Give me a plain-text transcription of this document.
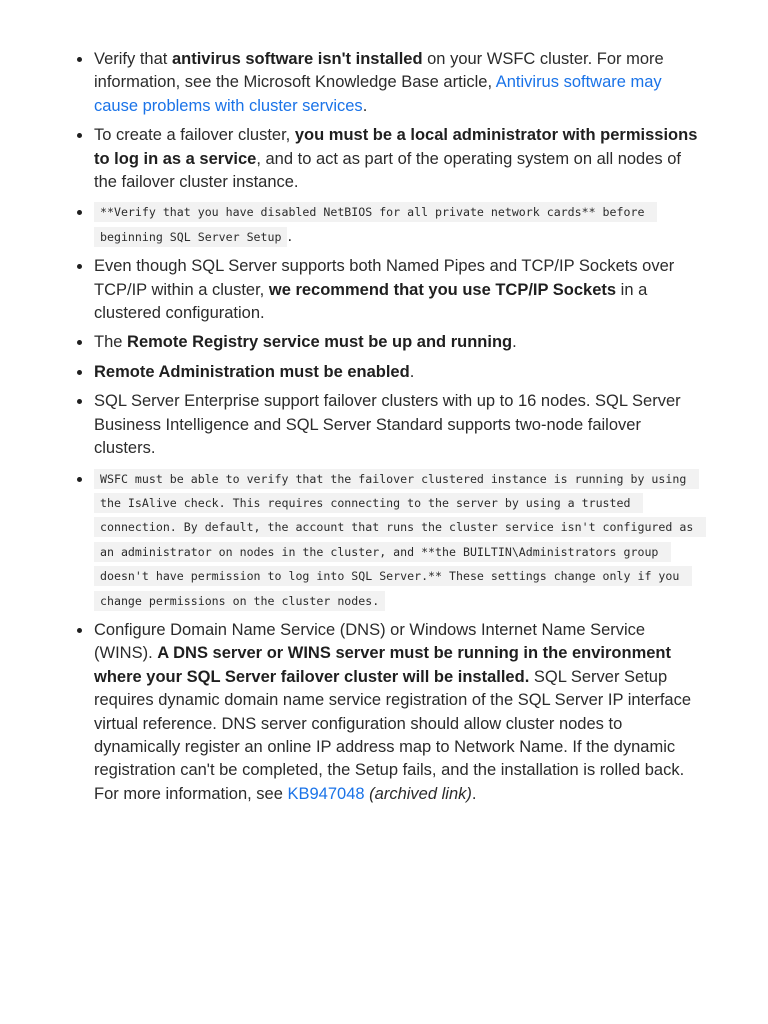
Verify that antivirus software isn't installed on your WSFC cluster. For more information, see the Microsoft Knowledge Base article, Antivirus software may cause problems with cluster services.
To create a failover cluster, you must be a local administrator with permissions to log in as a service, and to act as part of the operating system on all nodes of the failover cluster instance.
**Verify that you have disabled NetBIOS for all private network cards** before beginning SQL Server Setup .
Even though SQL Server supports both Named Pipes and TCP/IP Sockets over TCP/IP within a cluster, we recommend that you use TCP/IP Sockets in a clustered configuration.
The Remote Registry service must be up and running.
Remote Administration must be enabled.
SQL Server Enterprise support failover clusters with up to 16 nodes. SQL Server Business Intelligence and SQL Server Standard supports two-node failover clusters.
WSFC must be able to verify that the failover clustered instance is running by using the IsAlive check. This requires connecting to the server by using a trusted connection. By default, the account that runs the cluster service isn't configured as an administrator on nodes in the cluster, and **the BUILTIN\Administrators group doesn't have permission to log into SQL Server.** These settings change only if you change permissions on the cluster nodes.
Configure Domain Name Service (DNS) or Windows Internet Name Service (WINS). A DNS server or WINS server must be running in the environment where your SQL Server failover cluster will be installed. SQL Server Setup requires dynamic domain name service registration of the SQL Server IP interface virtual reference. DNS server configuration should allow cluster nodes to dynamically register an online IP address map to Network Name. If the dynamic registration can't be completed, the Setup fails, and the installation is rolled back. For more information, see KB947048 (archived link).
